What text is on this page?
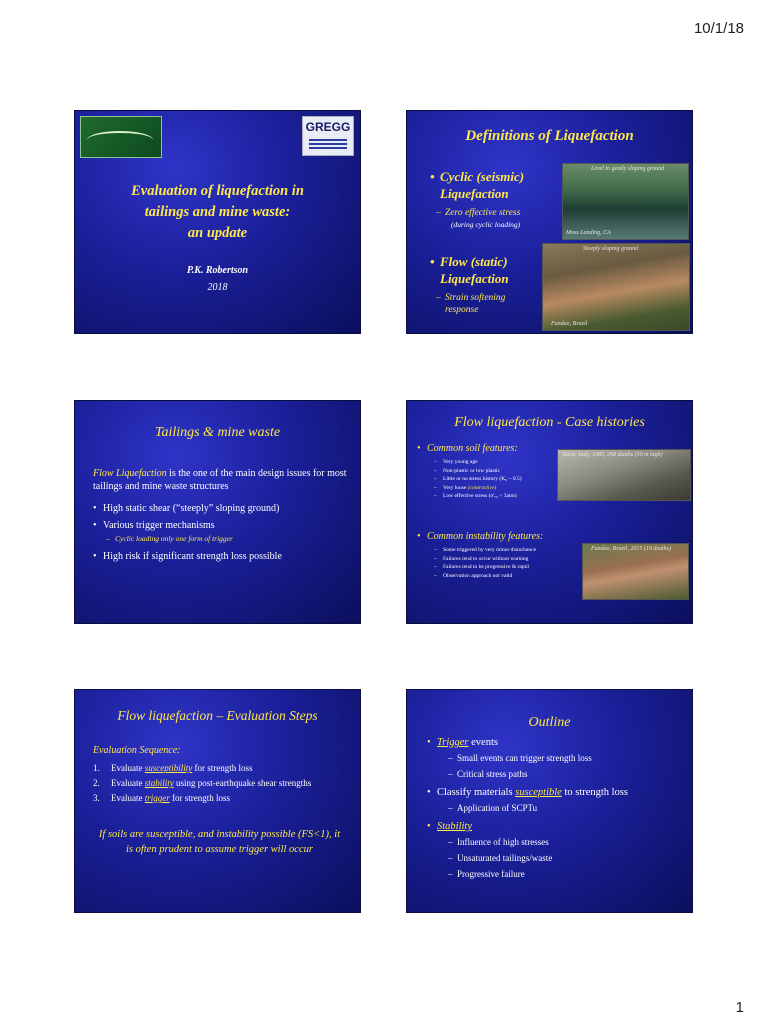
10/1/18
GREGG
Evaluation of liquefaction in
tailings and mine waste:
an update
P.K. Robertson
2018
Definitions of Liquefaction
Level to gently sloping ground
Moss Landing, CA
Steeply sloping ground
Fundao, Brazil
• Cyclic (seismic)
Liquefaction
– Zero effective stress
(during cyclic loading)
• Flow (static)
Liquefaction
– Strain softening
response
Tailings & mine waste
Flow Liquefaction is the one of the main design issues for most tailings and mine waste structures
• High static shear (“steeply” sloping ground)
• Various trigger mechanisms
– Cyclic loading only one form of trigger
• High risk if significant strength loss possible
Flow liquefaction - Case histories
Stava, Italy, 1985, 268 deaths (50 m high)
Fundao, Brazil, 2015 (19 deaths)
• Common soil features:
– Very young age
– Non-plastic or low plastic
– Little or no stress history (K₀ ~ 0.5)
– Very loose (contractive)
– Low effective stress (σ'ᵥ₀ < 3atm)
• Common instability features:
– Some triggered by very minor disturbance
– Failures tend to occur without warning
– Failures tend to be progressive & rapid
– Observation approach not valid
Flow liquefaction – Evaluation Steps
Evaluation Sequence:
1. Evaluate susceptibility for strength loss
2. Evaluate stability using post-earthquake shear strengths
3. Evaluate trigger for strength loss
If soils are susceptible, and instability possible (FS<1), it is often prudent to assume trigger will occur
Outline
• Trigger events
– Small events can trigger strength loss
– Critical stress paths
• Classify materials susceptible to strength loss
– Application of SCPTu
• Stability
– Influence of high stresses
– Unsaturated tailings/waste
– Progressive failure
1
